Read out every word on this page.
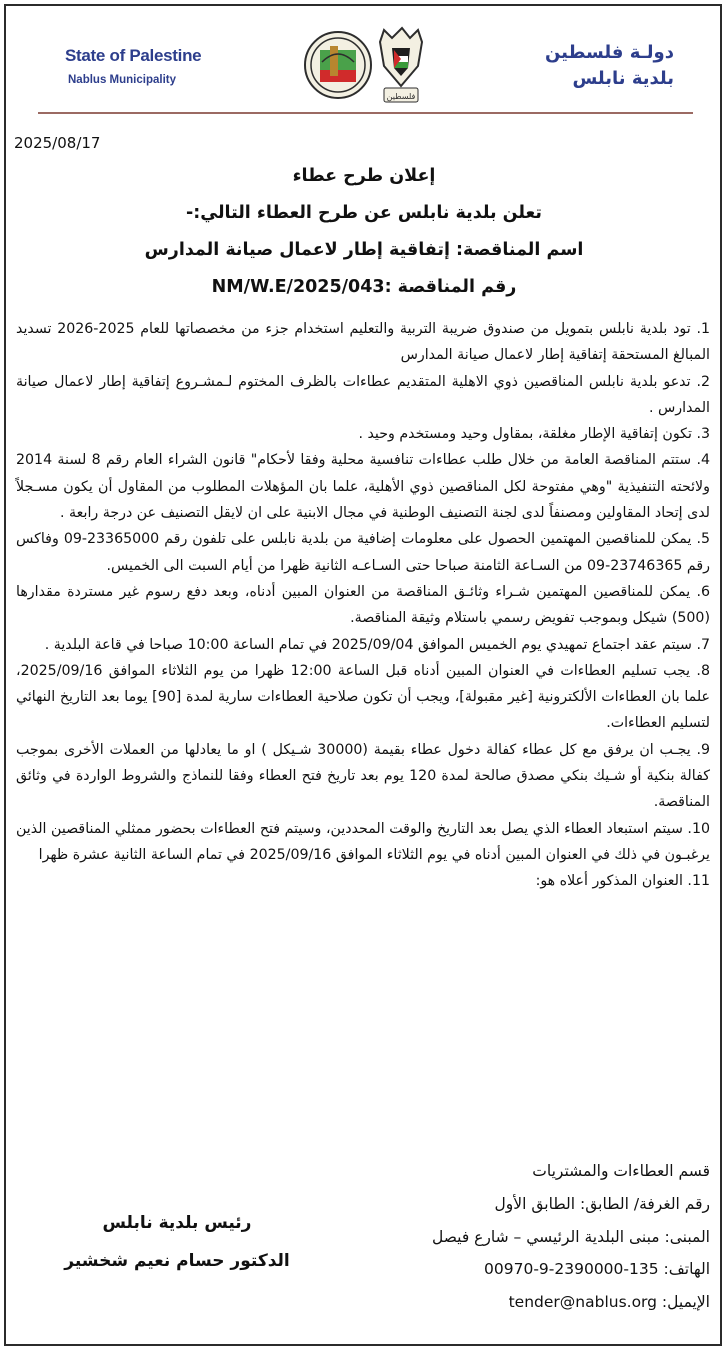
State of Palestine
Nablus Municipality
دولـة فلسطين
بلدية نابلس
فلسطين
2025/08/17
إعلان طرح عطاء
تعلن بلدية نابلس عن طرح العطاء التالي:-
اسم المناقصة: إتفاقية إطار لاعمال صيانة المدارس
رقم المناقصة :NM/W.E/2025/043

1. تود بلدية نابلس بتمويل من صندوق ضريبة التربية والتعليم استخدام جزء من مخصصاتها للعام 2025-2026 تسديد المبالغ المستحقة إتفاقية إطار لاعمال صيانة المدارس

2. تدعو بلدية نابلس المناقصين ذوي الاهلية المتقديم عطاءات بالظرف المختوم لـمشـروع إتفاقية إطار لاعمال صيانة المدارس .

3. تكون إتفاقية الإطار مغلقة، بمقاول وحيد ومستخدم وحيد .

4. ستتم المناقصة العامة من خلال طلب عطاءات تنافسية محلية وفقا لأحكام" قانون الشراء العام رقم 8 لسنة 2014 ولائحته التنفيذية "وهي مفتوحة لكل المناقصين ذوي الأهلية، علما بان المؤهلات المطلوب من المقاول أن يكون مسـجلاً لدى إتحاد المقاولين ومصنفاً لدى لجنة التصنيف الوطنية في مجال الابنية على ان لايقل التصنيف عن درجة رابعة .

5. يمكن للمناقصين المهتمين الحصول على معلومات إضافية من بلدية نابلس على تلفون رقم 23365000-09 وفاكس رقم 23746365-09 من السـاعة الثامنة صباحا حتى السـاعـه الثانية ظهرا من أيام السبت الى الخميس.

6. يمكن للمناقصين المهتمين شـراء وثائـق المناقصة من العنوان المبين أدناه، وبعد دفع رسوم غير مستردة مقدارها (500) شيكل وبموجب تفويض رسمي باستلام وثيقة المناقصة.

7. سيتم عقد اجتماع تمهيدي يوم الخميس الموافق 2025/09/04 في تمام الساعة 10:00 صباحا في قاعة البلدية .

8. يجب تسليم العطاءات في العنوان المبين أدناه قبل الساعة 12:00 ظهرا من يوم الثلاثاء الموافق 2025/09/16، علما بان العطاءات الألكترونية [غير مقبولة]، ويجب أن تكون صلاحية العطاءات سارية لمدة [90] يوما بعد التاريخ النهائي لتسليم العطاءات.

9. يجـب ان يرفق مع كل عطاء كفالة دخول عطاء بقيمة (30000 شـيكل ) او ما يعادلها من العملات الأخرى بموجب كفالة بنكية أو شـيك بنكي مصدق صالحة لمدة 120 يوم بعد تاريخ فتح العطاء وفقا للنماذج والشروط الواردة في وثائق المناقصة.

10. سيتم استبعاد العطاء الذي يصل بعد التاريخ والوقت المحددين، وسيتم فتح العطاءات بحضور ممثلي المناقصين الذين يرغبـون في ذلك في العنوان المبين أدناه في يوم الثلاثاء الموافق 2025/09/16 في تمام الساعة الثانية عشرة ظهرا

11. العنوان المذكور أعلاه هو:

قسم العطاءات والمشتريات
رقم الغرفة/ الطابق: الطابق الأول
المبنى: مبنى البلدية الرئيسي – شارع فيصل
الهاتف: 135-2390000-9-00970
الإيميل: tender@nablus.org
رئيس بلدية نابلس
الدكتور حسام نعيم شخشير
